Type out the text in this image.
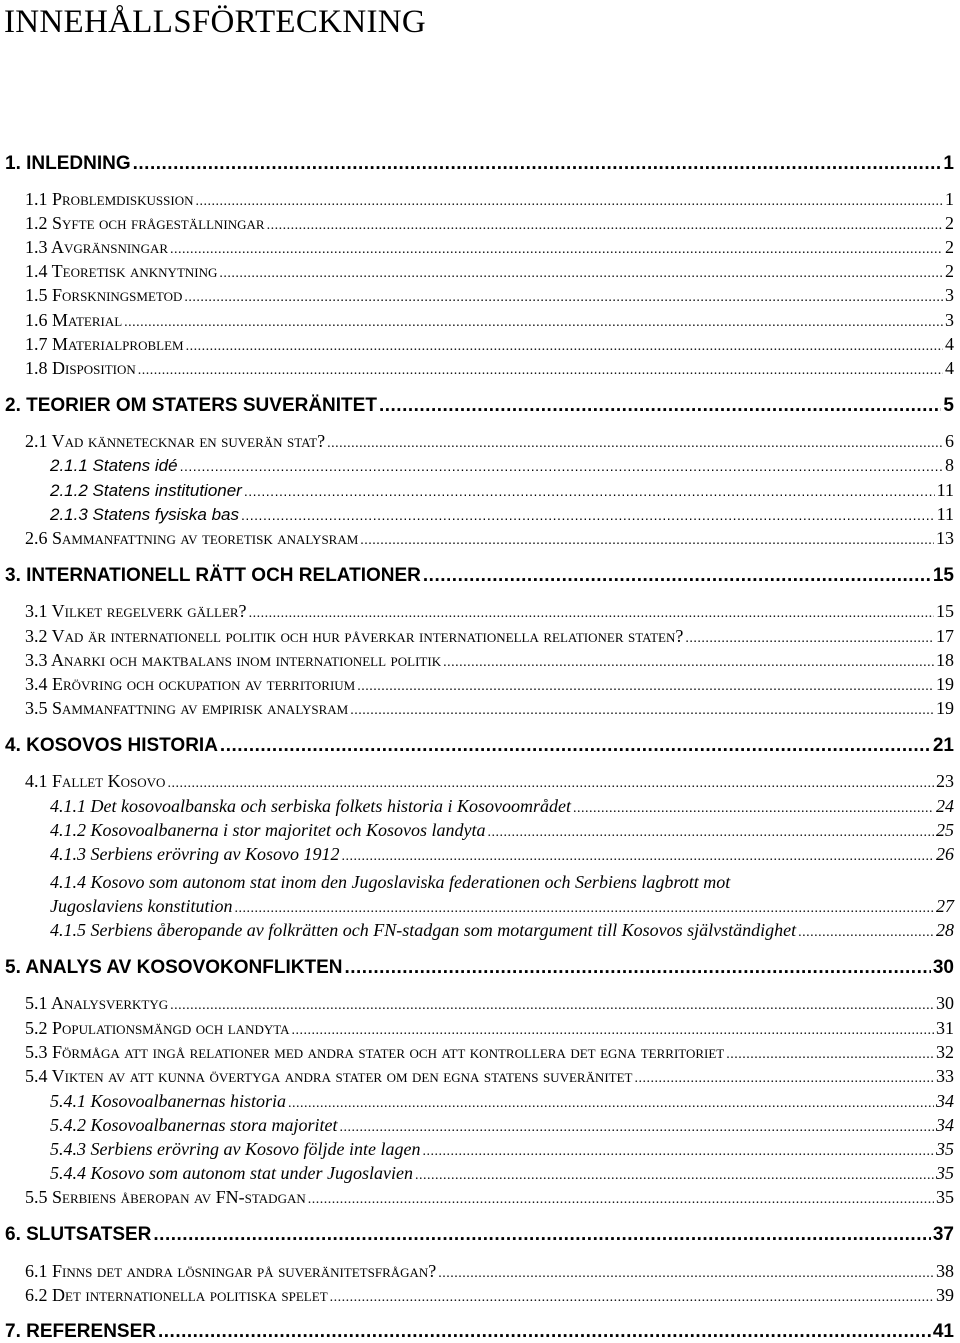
INNEHÅLLSFÖRTECKNING
1. INLEDNING .....	1
1.1 Problemdiskussion .....	1
1.2 Syfte och frågeställningar .....	2
1.3 Avgränsningar .....	2
1.4 Teoretisk anknytning .....	2
1.5 Forskningsmetod .....	3
1.6 Material .....	3
1.7 Materialproblem .....	4
1.8 Disposition .....	4
2. TEORIER OM STATERS SUVERÄNITET .....	5
2.1 Vad kännetecknar en suverän stat? .....	6
2.1.1 Statens idé .....	8
2.1.2 Statens institutioner .....	11
2.1.3 Statens fysiska bas .....	11
2.6 Sammanfattning av teoretisk analysram .....	13
3. INTERNATIONELL RÄTT OCH RELATIONER .....	15
3.1 Vilket regelverk gäller? .....	15
3.2 Vad är internationell politik och hur påverkar internationella relationer staten? .....	17
3.3 Anarki och maktbalans inom internationell politik .....	18
3.4 Erövring och ockupation av territorium .....	19
3.5 Sammanfattning av empirisk analysram .....	19
4. KOSOVOS HISTORIA .....	21
4.1 Fallet Kosovo .....	23
4.1.1 Det kosovoalbanska och serbiska folkets historia i Kosovoområdet .....	24
4.1.2 Kosovoalbanerna i stor majoritet och Kosovos landyta .....	25
4.1.3 Serbiens erövring av Kosovo 1912 .....	26
4.1.4 Kosovo som autonom stat inom den Jugoslaviska federationen och Serbiens lagbrott mot
Jugoslaviens konstitution .....	27
4.1.5 Serbiens åberopande av folkrätten och FN-stadgan som motargument till Kosovos självständighet .....	28
5. ANALYS AV KOSOVOKONFLIKTEN .....	30
5.1 Analysverktyg .....	30
5.2 Populationsmängd och landyta .....	31
5.3 Förmåga att ingå relationer med andra stater och att kontrollera det egna territoriet .....	32
5.4 Vikten av att kunna övertyga andra stater om den egna statens suveränitet .....	33
5.4.1 Kosovoalbanernas historia .....	34
5.4.2 Kosovoalbanernas stora majoritet .....	34
5.4.3 Serbiens erövring av Kosovo följde inte lagen .....	35
5.4.4 Kosovo som autonom stat under Jugoslavien .....	35
5.5 Serbiens åberopan av FN-stadgan .....	35
6. SLUTSATSER .....	37
6.1 Finns det andra lösningar på suveränitetsfrågan? .....	38
6.2 Det internationella politiska spelet .....	39
7. REFERENSER .....	41
